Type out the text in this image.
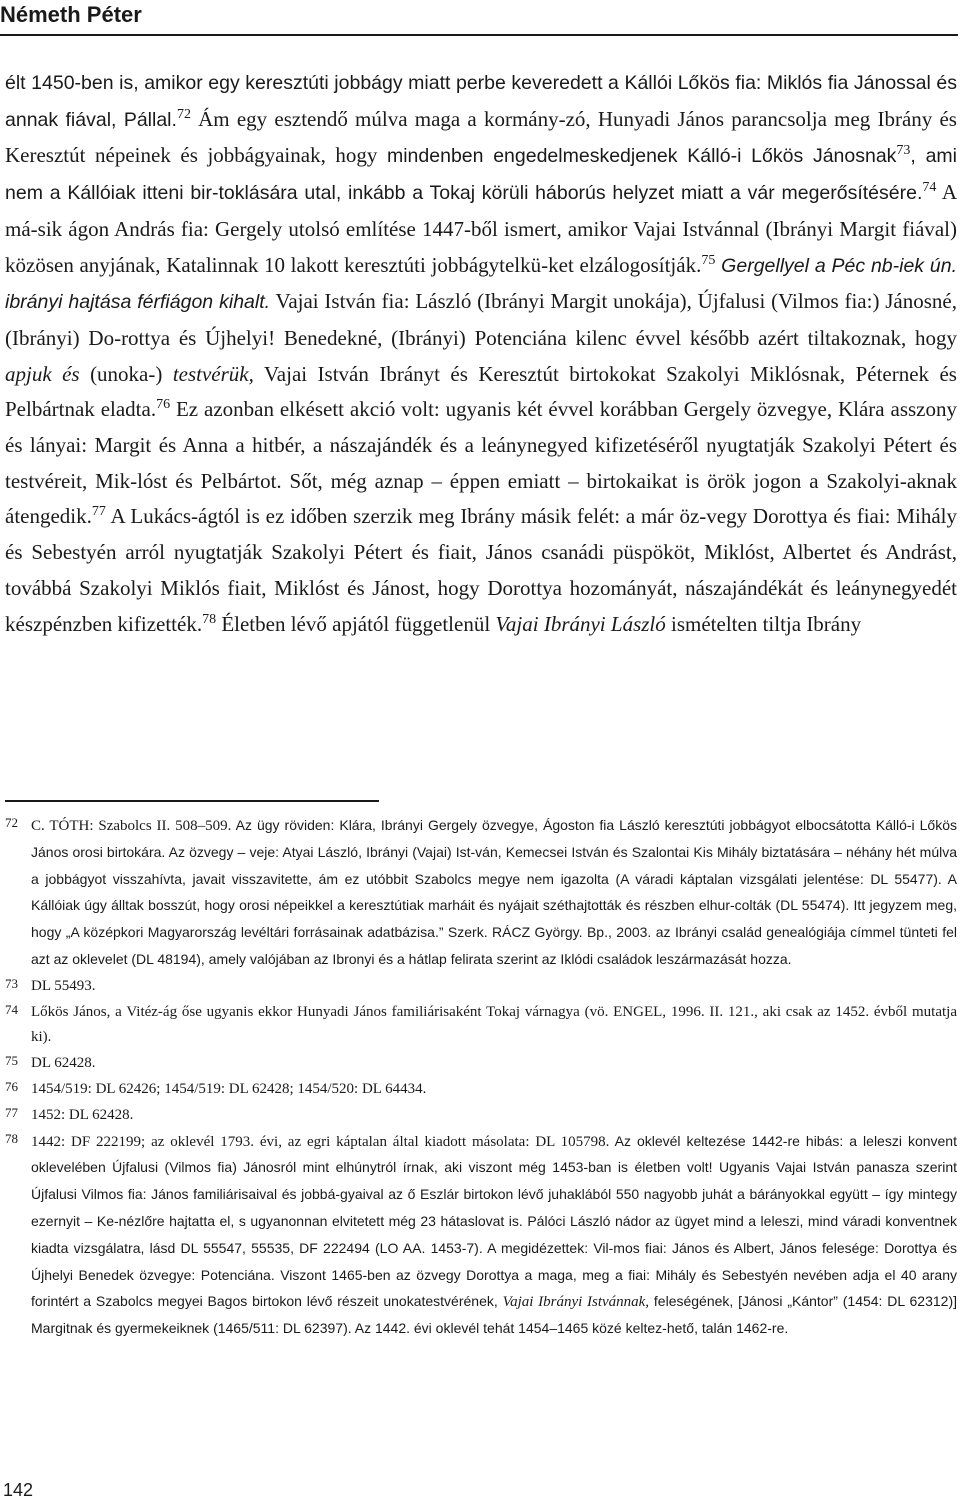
Németh Péter

élt 1450-ben is, amikor egy keresztúti jobbágy miatt perbe keveredett a Kállói Lőkös fia: Miklós fia Jánossal és annak fiával, Pállal.$^{72}$ Ám egy esztendő múlva maga a kormány-zó, Hunyadi János parancsolja meg Ibrány és Keresztút népeinek és jobbágyainak, hogy mindenben engedelmeskedjenek Kálló-i Lőkös Jánosnak$^{73}$, ami nem a Kállóiak itteni bir-toklására utal, inkább a Tokaj körüli háborús helyzet miatt a vár megerősítésére.$^{74}$ A má-sik ágon András fia: Gergely utolsó említése 1447-ből ismert, amikor Vajai Istvánnal (Ibrányi Margit fiával) közösen anyjának, Katalinnak 10 lakott keresztúti jobbágytelkü-ket elzálogosítják.$^{75}$ Gergellyel a Péc nb-iek ún. ibrányi hajtása férfiágon kihalt. Vajai István fia: László (Ibrányi Margit unokája), Újfalusi (Vilmos fia:) Jánosné, (Ibrányi) Do-rottya és Újhelyi! Benedekné, (Ibrányi) Potenciána kilenc évvel később azért tiltakoznak, hogy apjuk és (unoka-) testvérük, Vajai István Ibrányt és Keresztút birtokokat Szakolyi Miklósnak, Péternek és Pelbártnak eladta.$^{76}$ Ez azonban elkésett akció volt: ugyanis két évvel korábban Gergely özvegye, Klára asszony és lányai: Margit és Anna a hitbér, a nászajándék és a leánynegyed kifizetéséről nyugtatják Szakolyi Pétert és testvéreit, Mik-lóst és Pelbártot. Sőt, még aznap – éppen emiatt – birtokaikat is örök jogon a Szakolyi-aknak átengedik.$^{77}$ A Lukács-ágtól is ez időben szerzik meg Ibrány másik felét: a már öz-vegy Dorottya és fiai: Mihály és Sebestyén arról nyugtatják Szakolyi Pétert és fiait, János csanádi püspököt, Miklóst, Albertet és Andrást, továbbá Szakolyi Miklós fiait, Miklóst és Jánost, hogy Dorottya hozományát, nászajándékát és leánynegyedét készpénzben kifizették.$^{78}$ Életben lévő apjától függetlenül Vajai Ibrányi László ismételten tiltja Ibrány

72 C. TÓTH: Szabolcs II. 508–509. Az ügy röviden: Klára, Ibrányi Gergely özvegye, Ágoston fia László keresztúti jobbágyot elbocsátotta Kálló-i Lőkös János orosi birtokára. Az özvegy – veje: Atyai László, Ibrányi (Vajai) Ist-ván, Kemecsei István és Szalontai Kis Mihály biztatására – néhány hét múlva a jobbágyot visszahívta, javait visszavitette, ám ez utóbbit Szabolcs megye nem igazolta (A váradi káptalan vizsgálati jelentése: DL 55477). A Kállóiak úgy álltak bosszút, hogy orosi népeikkel a keresztútiak marháit és nyájait széthajtották és részben elhur-colták (DL 55474). Itt jegyzem meg, hogy „A középkori Magyarország levéltári forrásainak adatbázisa.” Szerk. RÁCZ György. Bp., 2003. az Ibrányi család genealógiája címmel tünteti fel azt az oklevelet (DL 48194), amely valójában az Ibronyi és a hátlap felirata szerint az Iklódi családok leszármazását hozza.
73 DL 55493.
74 Lőkös János, a Vitéz-ág őse ugyanis ekkor Hunyadi János familiárisaként Tokaj várnagya (vö. ENGEL, 1996. II. 121., aki csak az 1452. évből mutatja ki).
75 DL 62428.
76 1454/519: DL 62426; 1454/519: DL 62428; 1454/520: DL 64434.
77 1452: DL 62428.
78 1442: DF 222199; az oklevél 1793. évi, az egri káptalan által kiadott másolata: DL 105798. Az oklevél keltezése 1442-re hibás: a leleszi konvent oklevelében Újfalusi (Vilmos fia) Jánosról mint elhúnytról írnak, aki viszont még 1453-ban is életben volt! Ugyanis Vajai István panasza szerint Újfalusi Vilmos fia: János familiárisaival és jobbá-gyaival az ő Eszlár birtokon lévő juhaklából 550 nagyobb juhát a bárányokkal együtt – így mintegy ezernyit – Ke-nézlőre hajtatta el, s ugyanonnan elvitetett még 23 hátaslovat is. Pálóci László nádor az ügyet mind a leleszi, mind váradi konventnek kiadta vizsgálatra, lásd DL 55547, 55535, DF 222494 (LO AA. 1453-7). A megidézettek: Vil-mos fiai: János és Albert, János felesége: Dorottya és Újhelyi Benedek özvegye: Potenciána. Viszont 1465-ben az özvegy Dorottya a maga, meg a fiai: Mihály és Sebestyén nevében adja el 40 arany forintért a Szabolcs megyei Bagos birtokon lévő részeit unokatestvérének, Vajai Ibrányi Istvánnak, feleségének, [Jánosi „Kántor” (1454: DL 62312)] Margitnak és gyermekeiknek (1465/511: DL 62397). Az 1442. évi oklevél tehát 1454–1465 közé keltez-hető, talán 1462-re.
142
